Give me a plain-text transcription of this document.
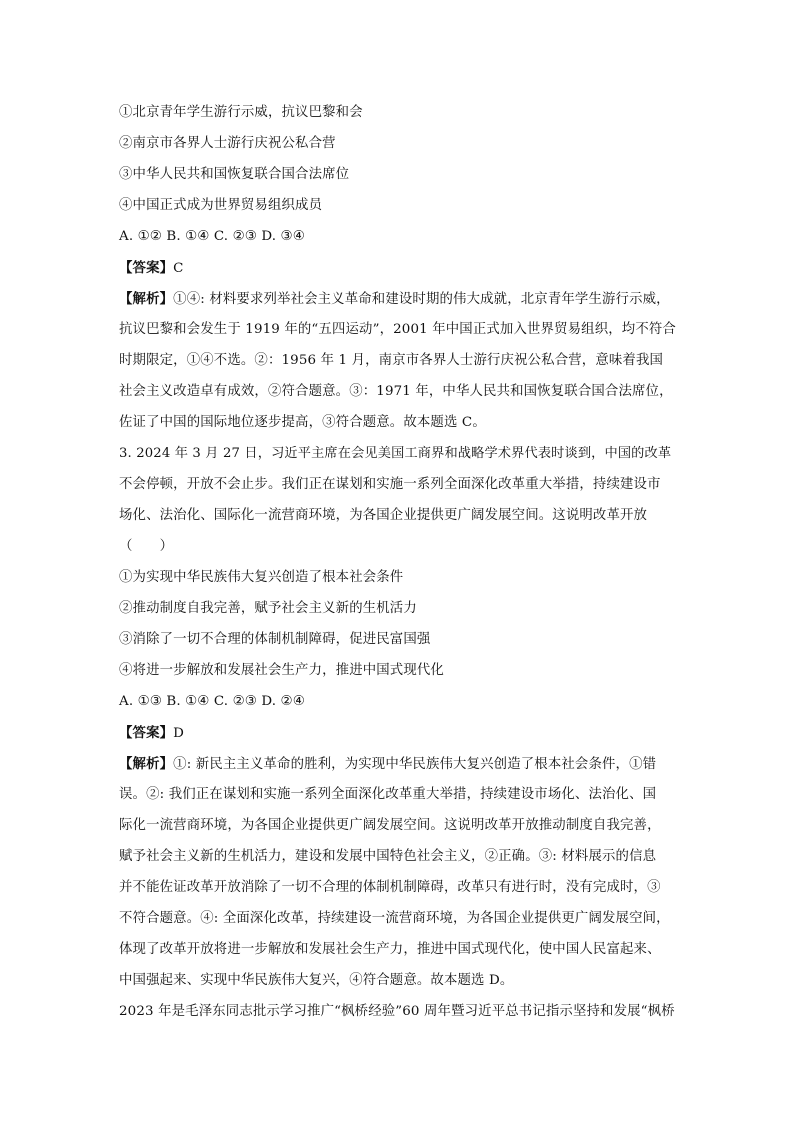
①北京青年学生游行示威，抗议巴黎和会
②南京市各界人士游行庆祝公私合营
③中华人民共和国恢复联合国合法席位
④中国正式成为世界贸易组织成员
A. ①② B. ①④ C. ②③ D. ③④
【答案】C
【解析】①④: 材料要求列举社会主义革命和建设时期的伟大成就，北京青年学生游行示威，
抗议巴黎和会发生于 1919 年的“五四运动”，2001 年中国正式加入世界贸易组织，均不符合
时期限定，①④不选。②：1956 年 1 月，南京市各界人士游行庆祝公私合营，意味着我国
社会主义改造卓有成效，②符合题意。③：1971 年，中华人民共和国恢复联合国合法席位，
佐证了中国的国际地位逐步提高，③符合题意。故本题选 C。
3. 2024 年 3 月 27 日，习近平主席在会见美国工商界和战略学术界代表时谈到，中国的改革
不会停顿，开放不会止步。我们正在谋划和实施一系列全面深化改革重大举措，持续建设市
场化、法治化、国际化一流营商环境，为各国企业提供更广阔发展空间。这说明改革开放
（　　）
①为实现中华民族伟大复兴创造了根本社会条件
②推动制度自我完善，赋予社会主义新的生机活力
③消除了一切不合理的体制机制障碍，促进民富国强
④将进一步解放和发展社会生产力，推进中国式现代化
A. ①③ B. ①④ C. ②③ D. ②④
【答案】D
【解析】①: 新民主主义革命的胜利，为实现中华民族伟大复兴创造了根本社会条件，①错
误。②: 我们正在谋划和实施一系列全面深化改革重大举措，持续建设市场化、法治化、国
际化一流营商环境，为各国企业提供更广阔发展空间。这说明改革开放推动制度自我完善，
赋予社会主义新的生机活力，建设和发展中国特色社会主义，②正确。③: 材料展示的信息
并不能佐证改革开放消除了一切不合理的体制机制障碍，改革只有进行时，没有完成时，③
不符合题意。④: 全面深化改革，持续建设一流营商环境，为各国企业提供更广阔发展空间，
体现了改革开放将进一步解放和发展社会生产力，推进中国式现代化，使中国人民富起来、
中国强起来、实现中华民族伟大复兴，④符合题意。故本题选 D。
2023 年是毛泽东同志批示学习推广“枫桥经验”60 周年暨习近平总书记指示坚持和发展“枫桥
